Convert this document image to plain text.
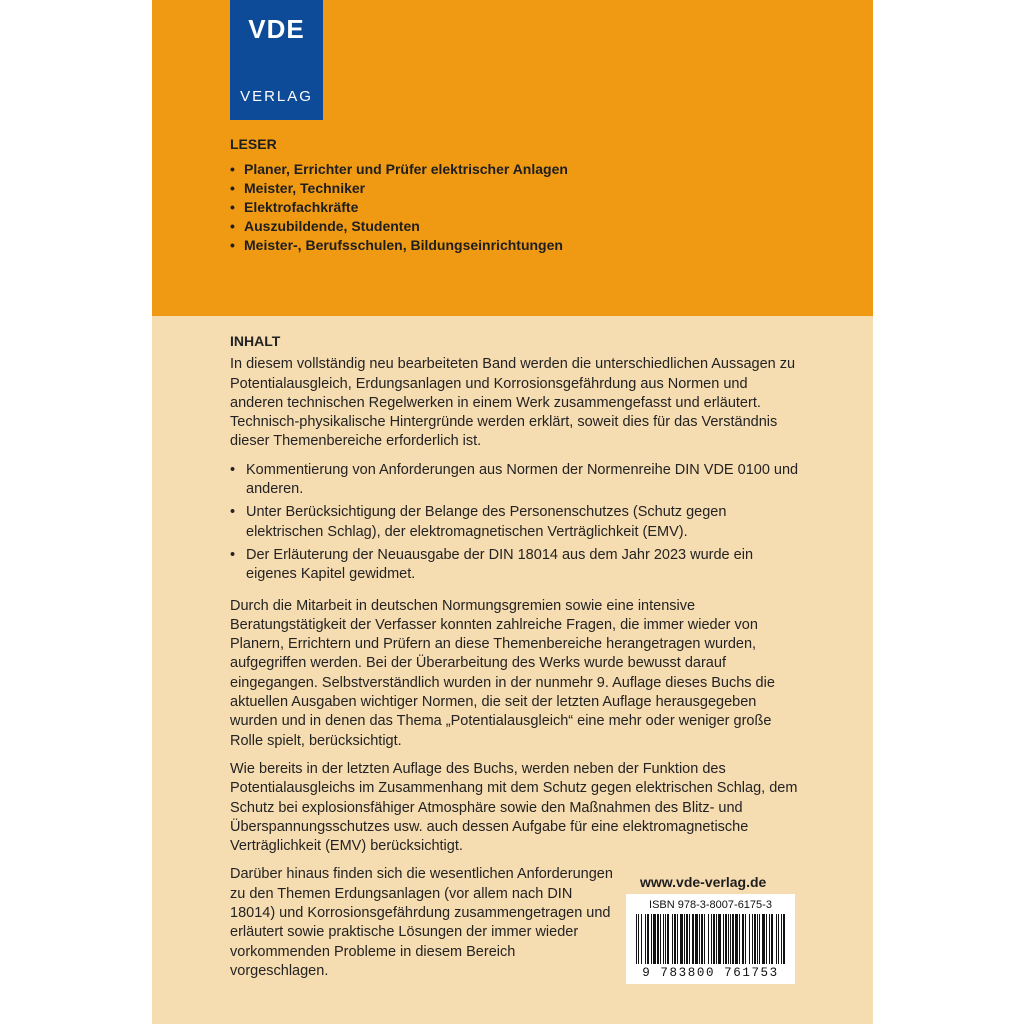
VDE
VERLAG
LESER
• Planer, Errichter und Prüfer elektrischer Anlagen
• Meister, Techniker
• Elektrofachkräfte
• Auszubildende, Studenten
• Meister-, Berufsschulen, Bildungseinrichtungen
INHALT

In diesem vollständig neu bearbeiteten Band werden die unterschiedlichen Aussagen zu Potentialausgleich, Erdungsanlagen und Korrosionsgefährdung aus Normen und anderen technischen Regelwerken in einem Werk zusammengefasst und erläutert. Technisch-physikalische Hintergründe werden erklärt, soweit dies für das Verständnis dieser Themenbereiche erforderlich ist.

• Kommentierung von Anforderungen aus Normen der Normenreihe DIN VDE 0100 und anderen.
• Unter Berücksichtigung der Belange des Personenschutzes (Schutz gegen elektrischen Schlag), der elektromagnetischen Verträglichkeit (EMV).
• Der Erläuterung der Neuausgabe der DIN 18014 aus dem Jahr 2023 wurde ein eigenes Kapitel gewidmet.

Durch die Mitarbeit in deutschen Normungsgremien sowie eine intensive Beratungstätigkeit der Verfasser konnten zahlreiche Fragen, die immer wieder von Planern, Errichtern und Prüfern an diese Themenbereiche herangetragen wurden, aufgegriffen werden. Bei der Überarbeitung des Werks wurde bewusst darauf eingegangen. Selbstverständlich wurden in der nunmehr 9. Auflage dieses Buchs die aktuellen Ausgaben wichtiger Normen, die seit der letzten Auflage herausgegeben wurden und in denen das Thema „Potentialausgleich“ eine mehr oder weniger große Rolle spielt, berücksichtigt.

Wie bereits in der letzten Auflage des Buchs, werden neben der Funktion des Potentialausgleichs im Zusammenhang mit dem Schutz gegen elektrischen Schlag, dem Schutz bei explosionsfähiger Atmosphäre sowie den Maßnahmen des Blitz- und Überspannungsschutzes usw. auch dessen Aufgabe für eine elektromagnetische Verträglichkeit (EMV) berücksichtigt.

Darüber hinaus finden sich die wesentlichen Anforderungen zu den Themen Erdungsanlagen (vor allem nach DIN 18014) und Korrosionsgefährdung zusammengetragen und erläutert sowie praktische Lösungen der immer wieder vorkommenden Probleme in diesem Bereich vorgeschlagen.

www.vde-verlag.de
ISBN 978-3-8007-6175-3
9 783800 761753
